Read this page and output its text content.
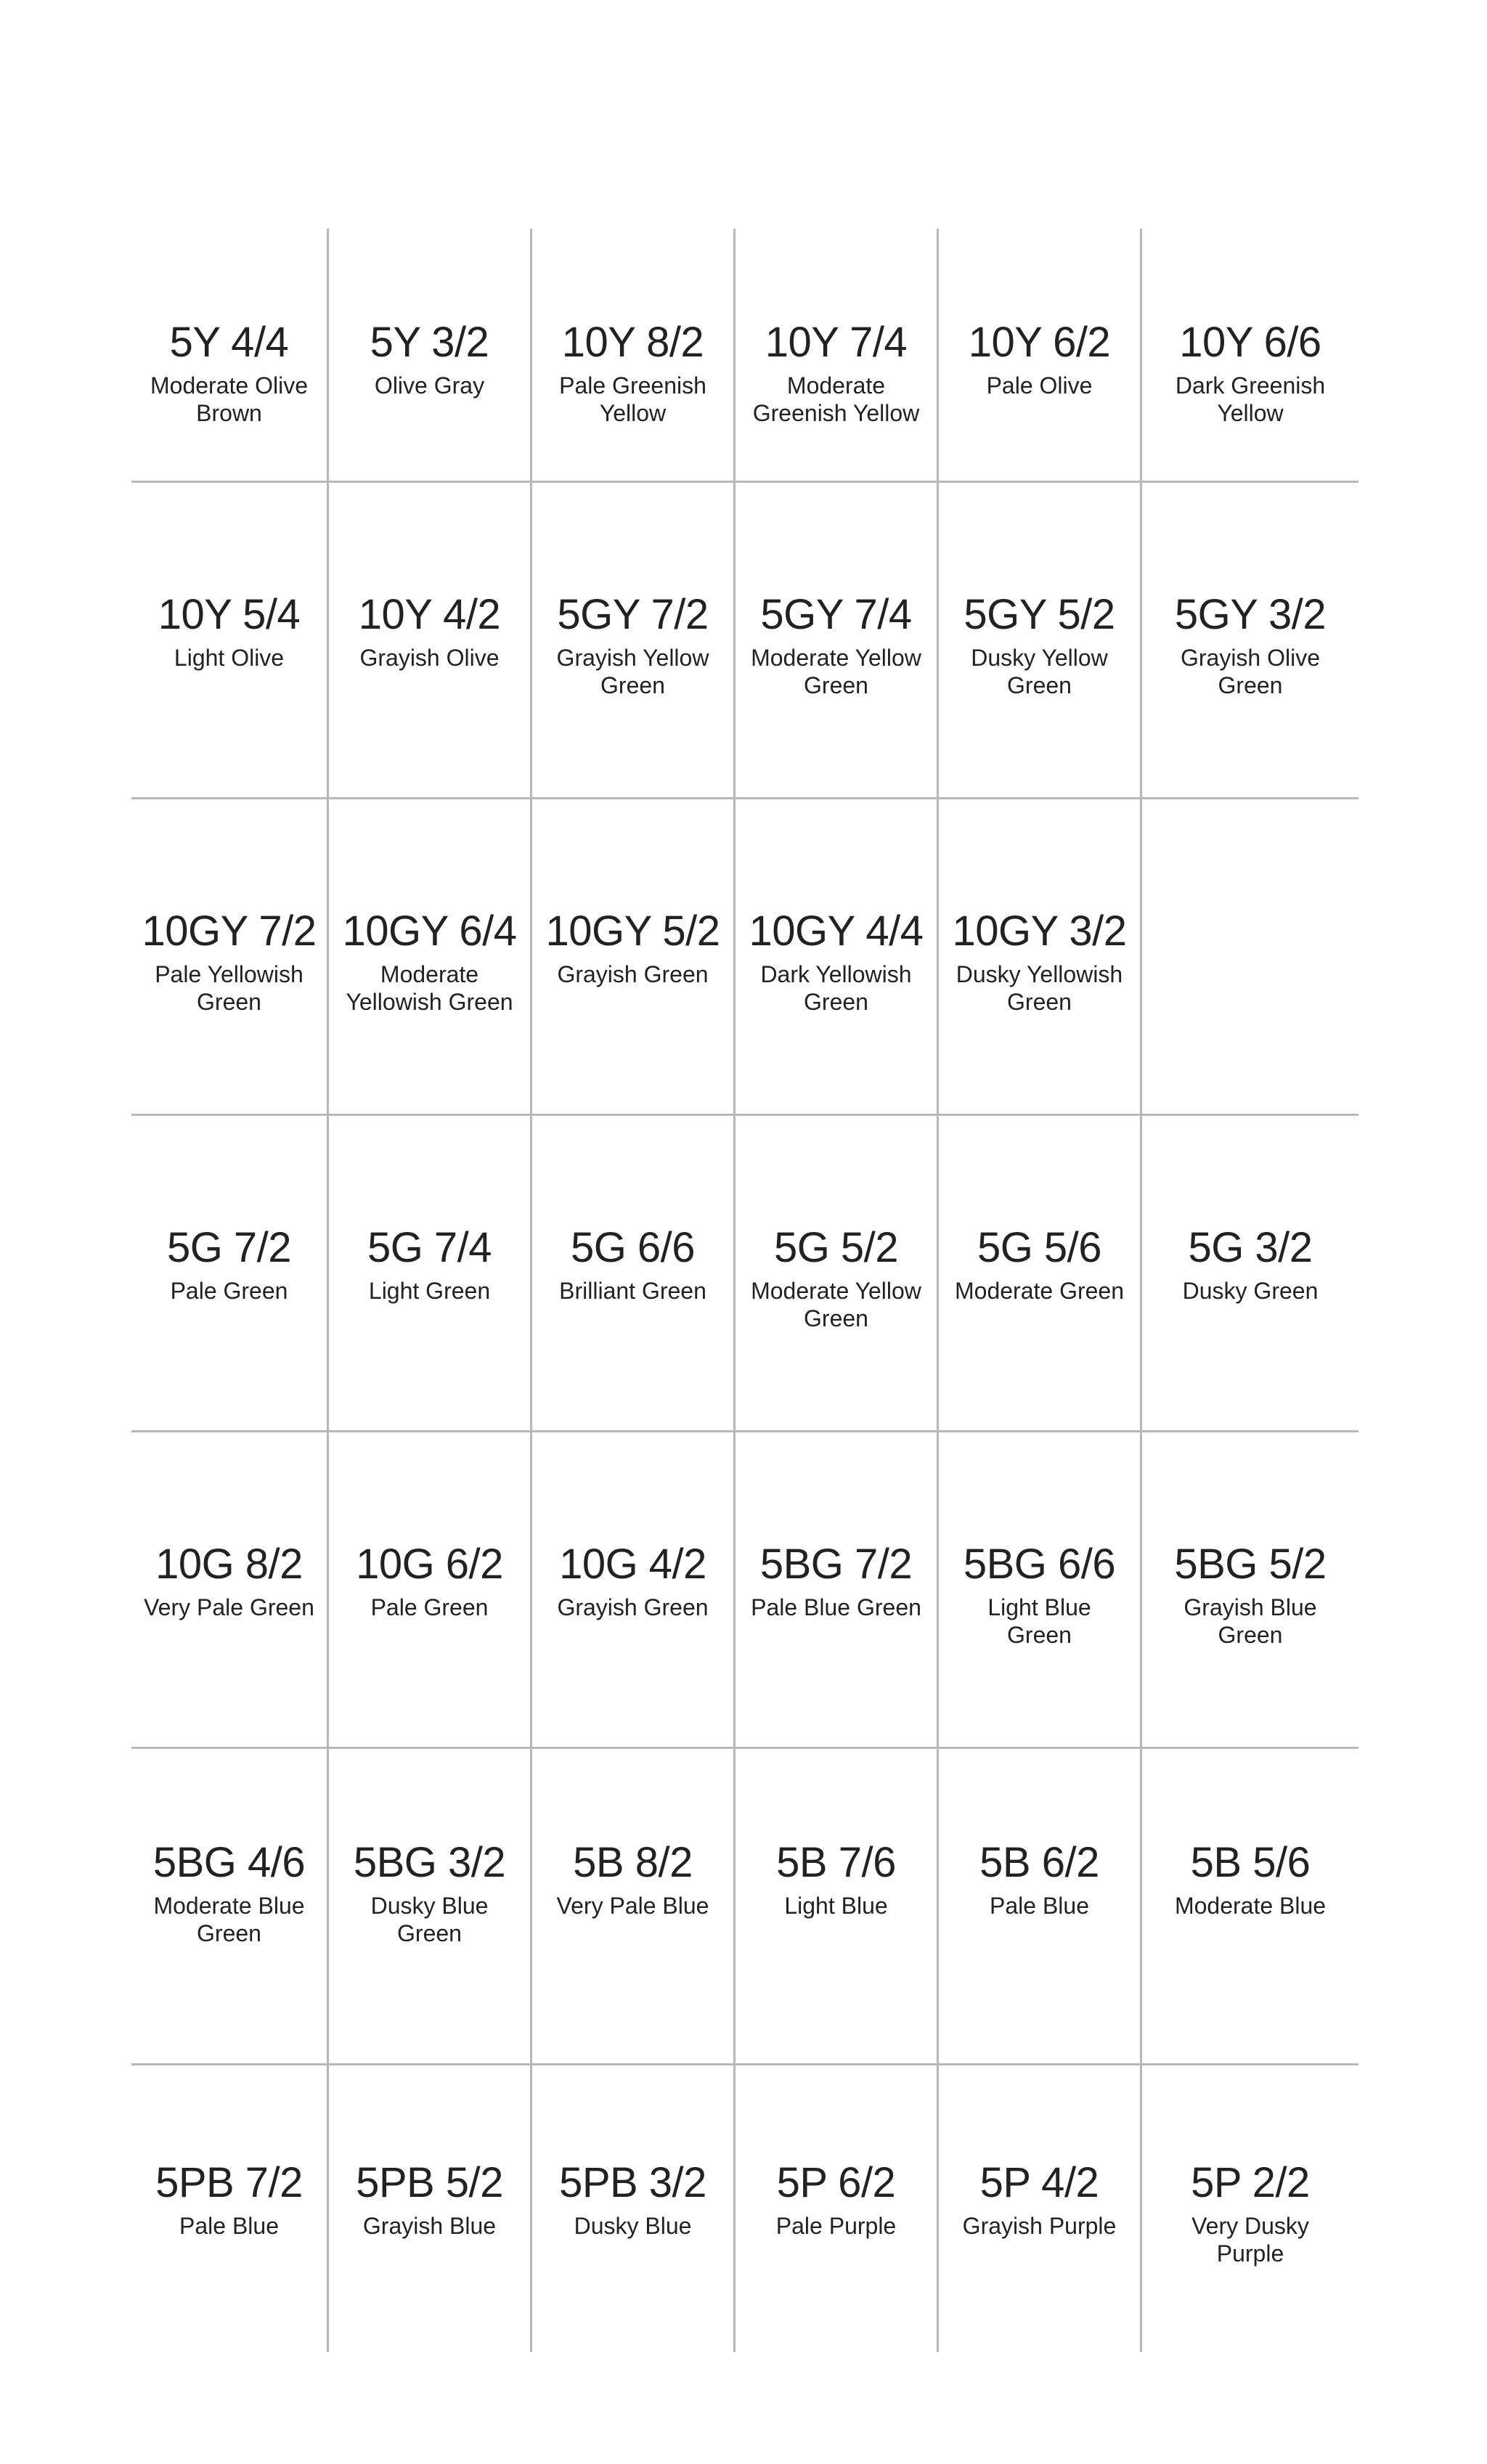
5Y 4/4
Moderate Olive Brown
5Y 3/2
Olive Gray
10Y 8/2
Pale Greenish Yellow
10Y 7/4
Moderate Greenish Yellow
10Y 6/2
Pale Olive
10Y 6/6
Dark Greenish Yellow
10Y 5/4
Light Olive
10Y 4/2
Grayish Olive
5GY 7/2
Grayish Yellow Green
5GY 7/4
Moderate Yellow Green
5GY 5/2
Dusky Yellow Green
5GY 3/2
Grayish Olive Green
10GY 7/2
Pale Yellowish Green
10GY 6/4
Moderate Yellowish Green
10GY 5/2
Grayish Green
10GY 4/4
Dark Yellowish Green
10GY 3/2
Dusky Yellowish Green
5G 7/2
Pale Green
5G 7/4
Light Green
5G 6/6
Brilliant Green
5G 5/2
Moderate Yellow Green
5G 5/6
Moderate Green
5G 3/2
Dusky Green
10G 8/2
Very Pale Green
10G 6/2
Pale Green
10G 4/2
Grayish Green
5BG 7/2
Pale Blue Green
5BG 6/6
Light Blue Green
5BG 5/2
Grayish Blue Green
5BG 4/6
Moderate Blue Green
5BG 3/2
Dusky Blue Green
5B 8/2
Very Pale Blue
5B 7/6
Light Blue
5B 6/2
Pale Blue
5B 5/6
Moderate Blue
5PB 7/2
Pale Blue
5PB 5/2
Grayish Blue
5PB 3/2
Dusky Blue
5P 6/2
Pale Purple
5P 4/2
Grayish Purple
5P 2/2
Very Dusky Purple
